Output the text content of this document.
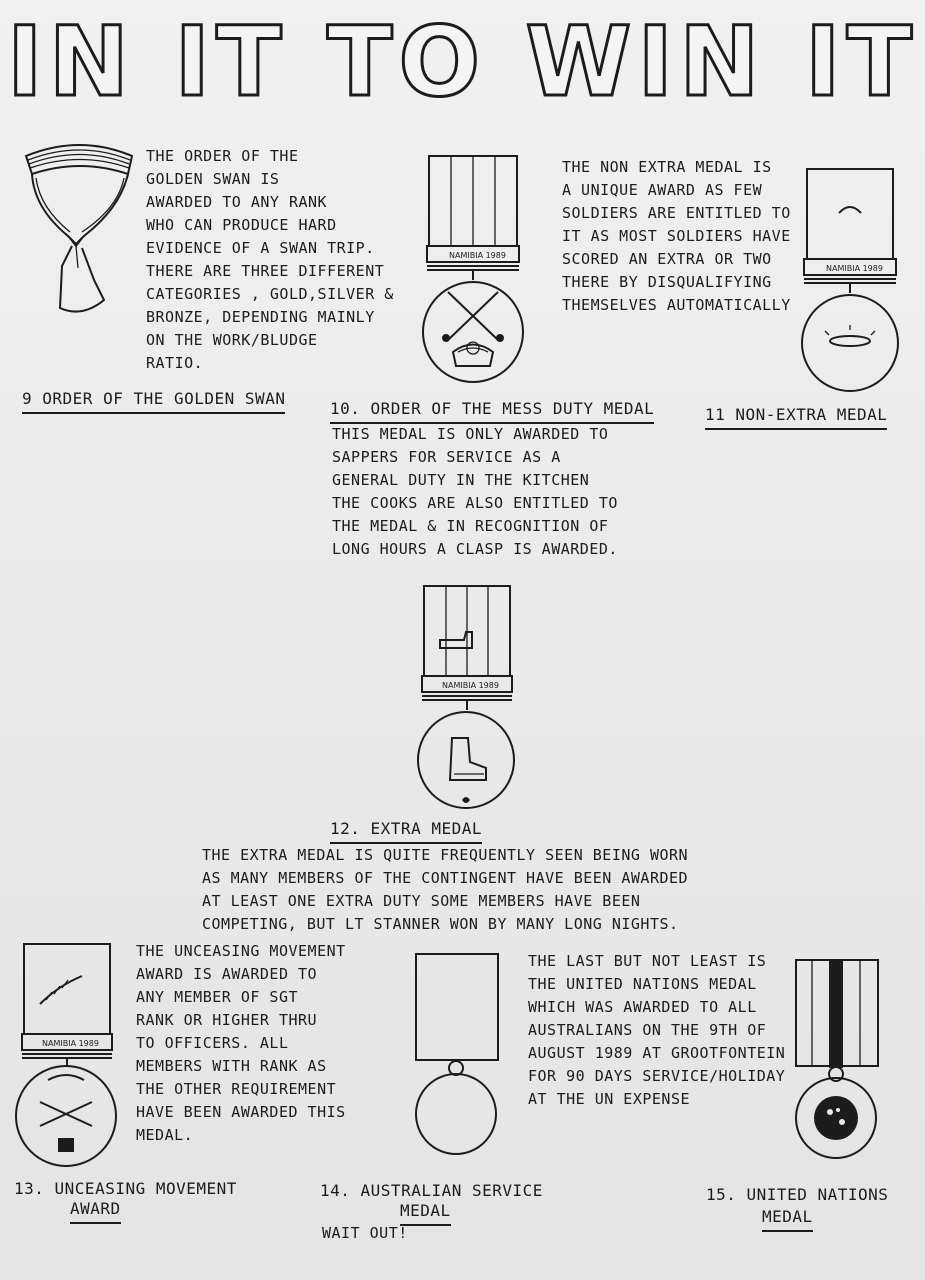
IN IT TO WIN IT
THE ORDER OF THE
GOLDEN SWAN IS
AWARDED TO ANY RANK
WHO CAN PRODUCE HARD
EVIDENCE OF A SWAN TRIP.
THERE ARE THREE DIFFERENT
CATEGORIES , GOLD,SILVER &
BRONZE, DEPENDING MAINLY
ON THE WORK/BLUDGE
RATIO.
9 ORDER OF THE GOLDEN SWAN
NAMIBIA 1989
10. ORDER OF THE MESS DUTY MEDAL
THIS MEDAL IS ONLY AWARDED TO
SAPPERS FOR SERVICE AS A
GENERAL DUTY IN THE KITCHEN
THE COOKS ARE ALSO ENTITLED TO
THE MEDAL & IN RECOGNITION OF
LONG HOURS A CLASP IS AWARDED.
THE NON EXTRA MEDAL IS
A UNIQUE AWARD AS FEW
SOLDIERS ARE ENTITLED TO
IT AS MOST SOLDIERS HAVE
SCORED AN EXTRA OR TWO
THERE BY DISQUALIFYING
THEMSELVES AUTOMATICALLY
NAMIBIA 1989
11 NON-EXTRA MEDAL
NAMIBIA 1989
12. EXTRA MEDAL
THE EXTRA MEDAL IS QUITE FREQUENTLY SEEN BEING WORN
AS MANY MEMBERS OF THE CONTINGENT HAVE BEEN AWARDED
AT LEAST ONE EXTRA DUTY SOME MEMBERS HAVE BEEN
COMPETING, BUT LT STANNER WON BY MANY LONG NIGHTS.
NAMIBIA 1989
THE UNCEASING MOVEMENT
AWARD IS AWARDED TO
ANY MEMBER OF SGT
RANK OR HIGHER THRU
TO OFFICERS. ALL
MEMBERS WITH RANK AS
THE OTHER REQUIREMENT
HAVE BEEN AWARDED THIS
MEDAL.
13. UNCEASING MOVEMENT
AWARD
14. AUSTRALIAN SERVICE
MEDAL
WAIT OUT!
THE LAST BUT NOT LEAST IS
THE UNITED NATIONS MEDAL
WHICH WAS AWARDED TO ALL
AUSTRALIANS ON THE 9TH OF
AUGUST 1989 AT GROOTFONTEIN
FOR 90 DAYS SERVICE/HOLIDAY
AT THE UN EXPENSE
15. UNITED NATIONS
MEDAL
